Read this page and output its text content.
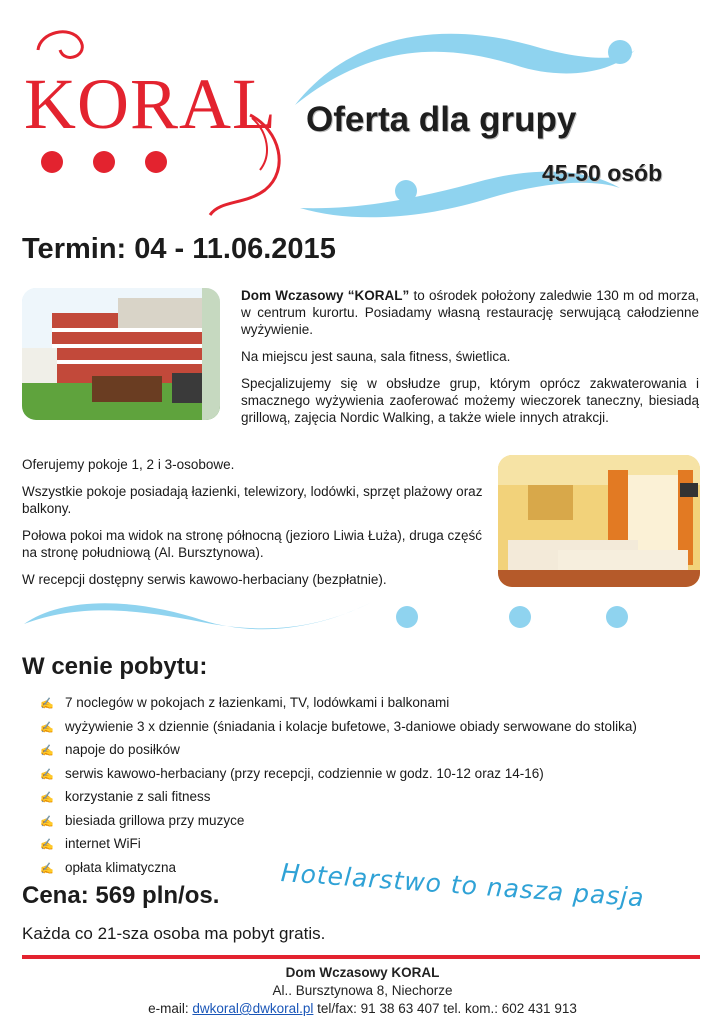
KORAL Oferta dla grupy
45-50 osób
Termin: 04 - 11.06.2015

Dom Wczasowy “KORAL” to ośrodek położony zaledwie 130 m od morza, w centrum kurortu. Posiadamy własną restaurację serwującą całodzienne wyżywienie.

Na miejscu jest sauna, sala fitness, świetlica.

Specjalizujemy się w obsłudze grup, którym oprócz zakwaterowania i smacznego wyżywienia zaoferować możemy wieczorek taneczny, biesiadą grillową, zajęcia Nordic Walking, a także wiele innych atrakcji.

Oferujemy pokoje 1, 2 i 3-osobowe.

Wszystkie pokoje posiadają łazienki, telewizory, lodówki, sprzęt plażowy oraz balkony.

Połowa pokoi ma widok na stronę północną (jezioro Liwia Łuża), druga część na stronę południową (Al. Bursztynowa).

W recepcji dostępny serwis kawowo-herbaciany (bezpłatnie).

W cenie pobytu:
✍ 7 noclegów w pokojach z łazienkami, TV, lodówkami i balkonami
✍ wyżywienie 3 x dziennie (śniadania i kolacje bufetowe, 3-daniowe obiady serwowane do stolika)
✍ napoje do posiłków
✍ serwis kawowo-herbaciany (przy recepcji, codziennie w godz. 10-12 oraz 14-16)
✍ korzystanie z sali fitness
✍ biesiada grillowa przy muzyce
✍ internet WiFi
✍ opłata klimatyczna	Hotelarstwo to nasza pasja
Cena: 569 pln/os.
Każda co 21-sza osoba ma pobyt gratis.
Dom Wczasowy KORAL
Al.. Bursztynowa 8, Niechorze
e-mail: dwkoral@dwkoral.pl tel/fax: 91 38 63 407 tel. kom.: 602 431 913
